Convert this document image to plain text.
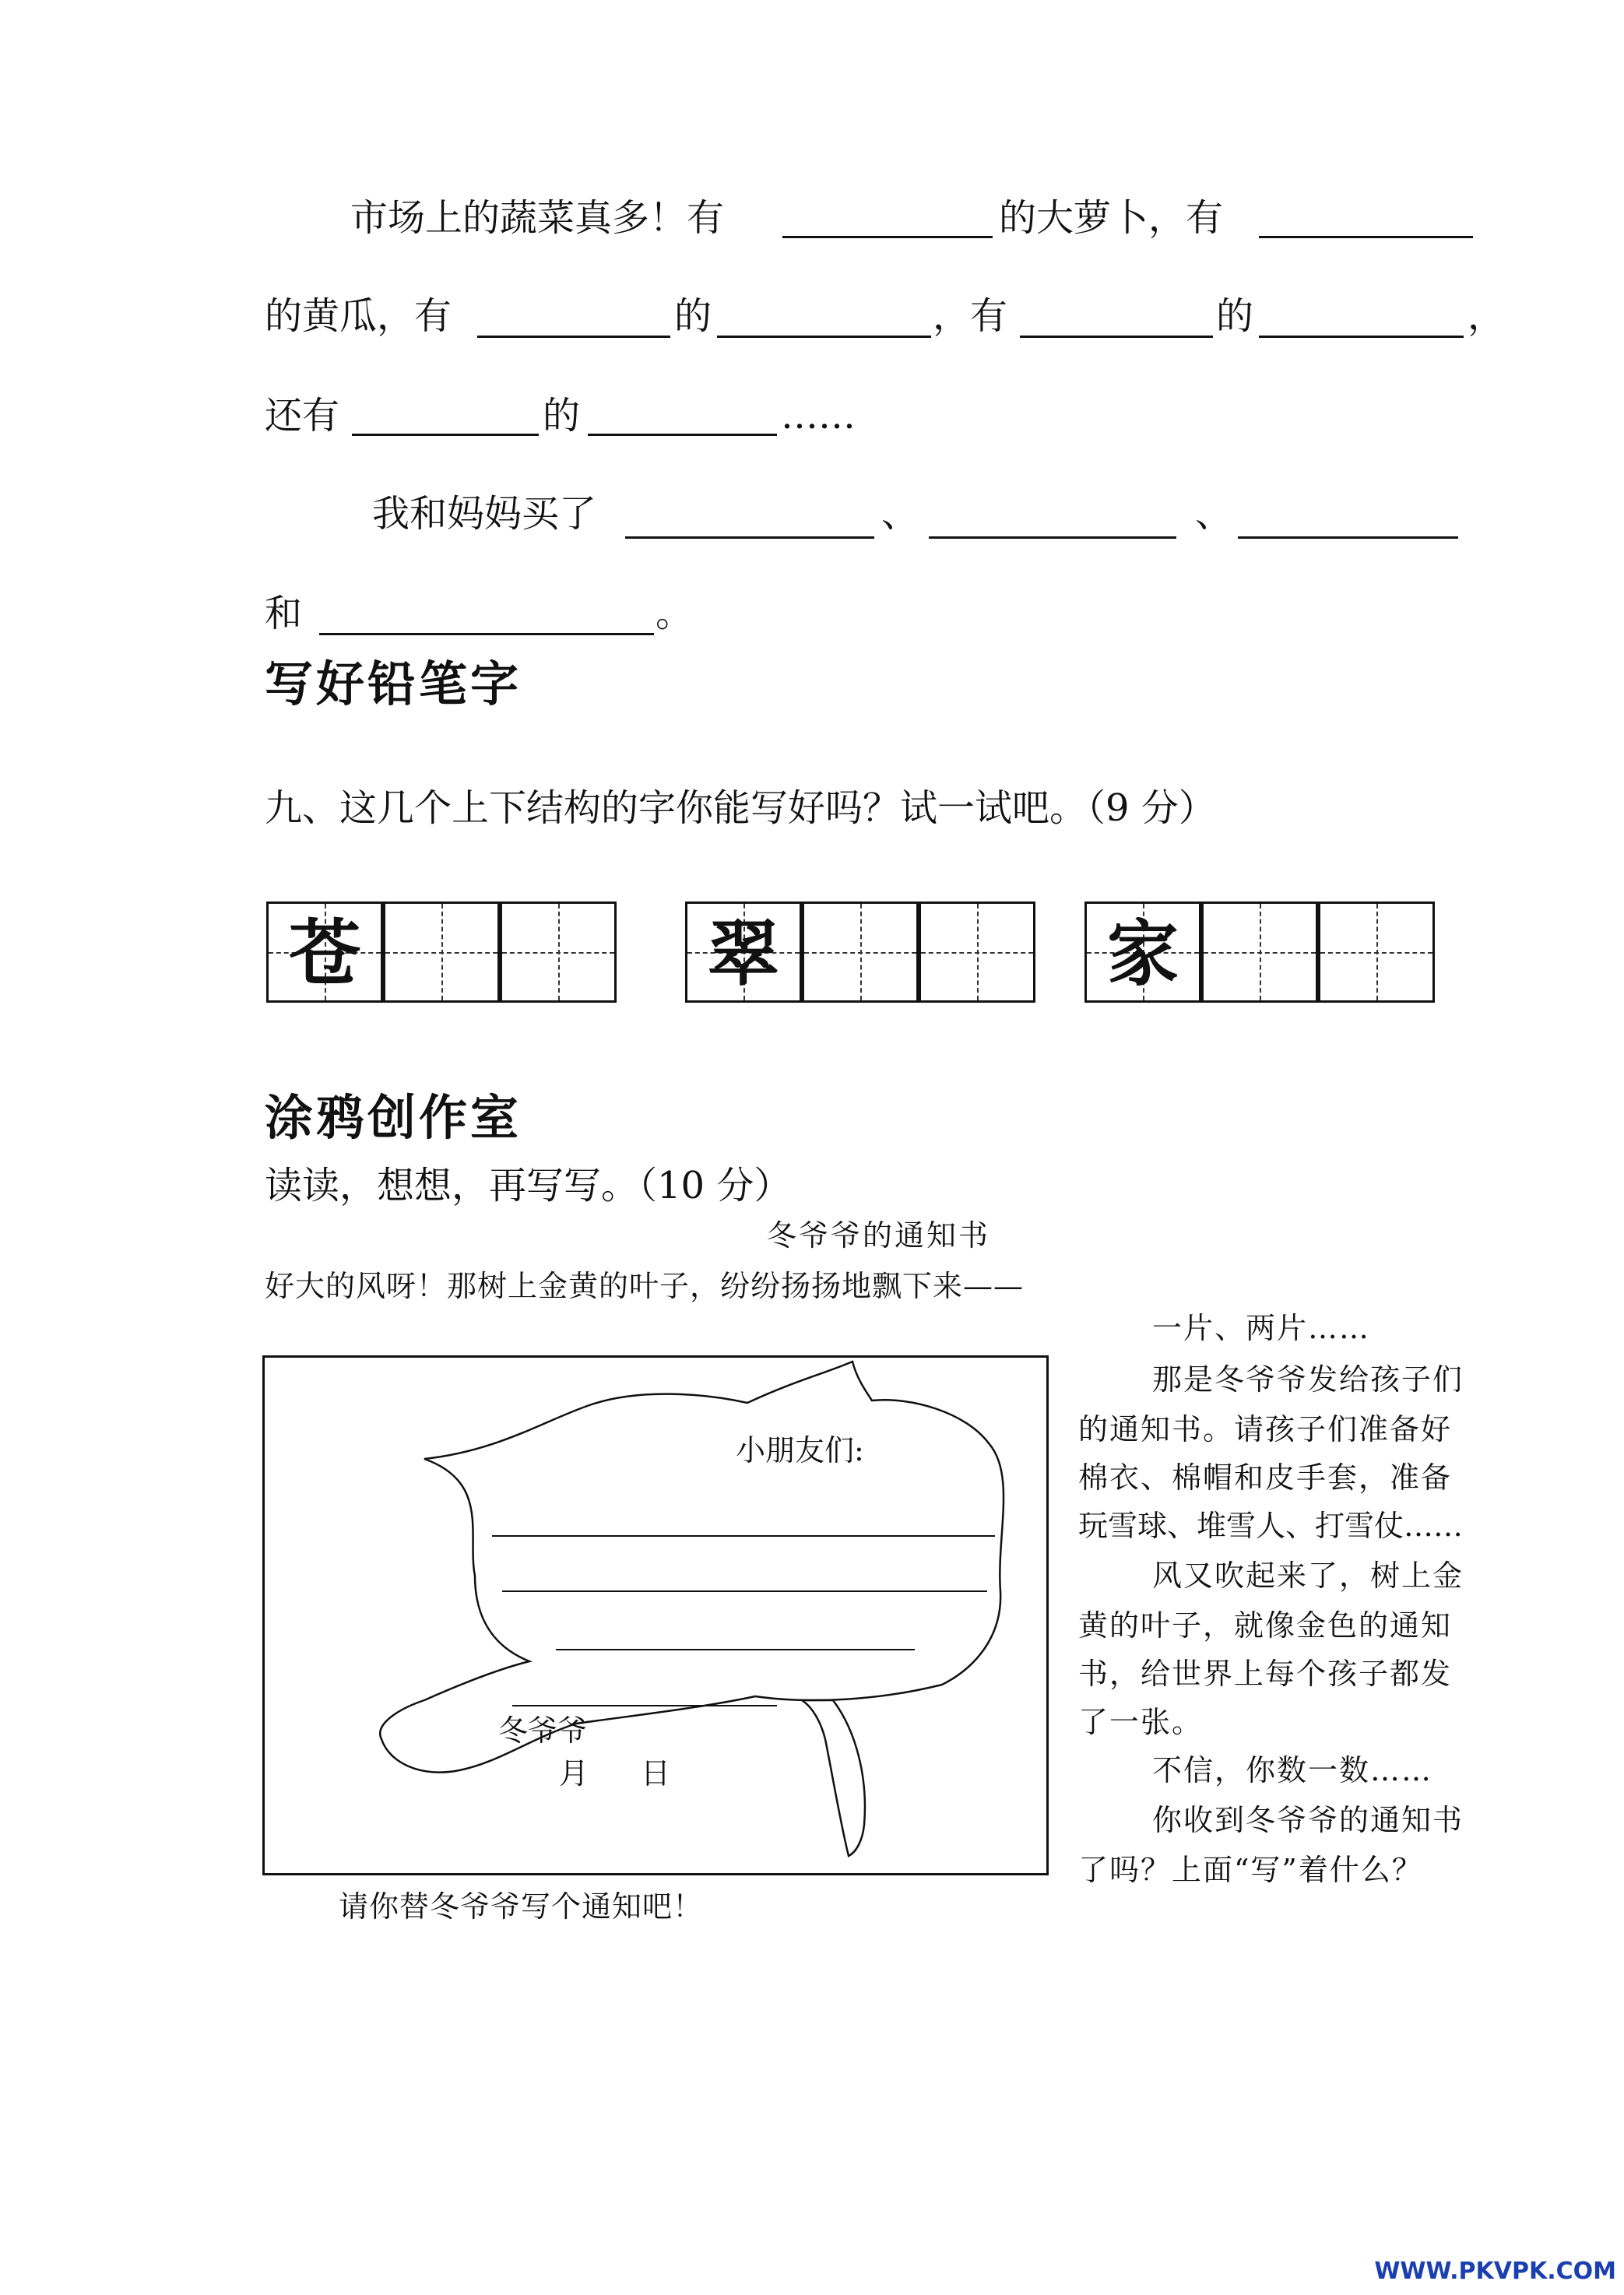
市场上的蔬菜真多！有	的大萝卜，有
的黄瓜，有	的	，有	的	，
还有	的	……
我和妈妈买了	、	、
和	。
写好铅笔字
九、这几个上下结构的字你能写好吗？试一试吧。（9 分）
苍	翠	家
涂鸦创作室
读读，想想，再写写。（10 分）
冬爷爷的通知书
好大的风呀！那树上金黄的叶子，纷纷扬扬地飘下来——
小朋友们:
冬爷爷
月 日
请你替冬爷爷写个通知吧！
一片、两片……
那是冬爷爷发给孩子们
的通知书。请孩子们准备好
棉衣、棉帽和皮手套，准备
玩雪球、堆雪人、打雪仗……
风又吹起来了，树上金
黄的叶子，就像金色的通知
书，给世界上每个孩子都发
了一张。
不信，你数一数……
你收到冬爷爷的通知书
了吗？上面“写”着什么？
WWW.PKVPK.COM
